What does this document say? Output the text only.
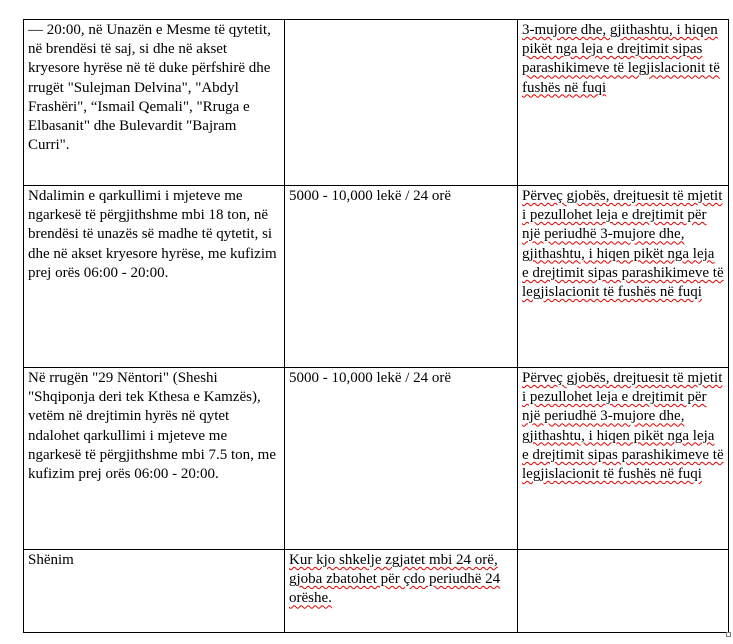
— 20:00, në Unazën e Mesme të qytetit, në brendësi të saj, si dhe në akset kryesore hyrëse në të duke përfshirë dhe rrugët "Sulejman Delvina", "Abdyl Frashëri", “Ismail Qemali", "Rruga e Elbasanit" dhe Bulevardit "Bajram Curri".		3-mujore dhe, gjithashtu, i hiqen pikët nga leja e drejtimit sipas parashikimeve të legjislacionit të fushës në fuqi

Ndalimin e qarkullimi i mjeteve me ngarkesë të përgjithshme mbi 18 ton, në brendësi të unazës së madhe të qytetit, si dhe në akset kryesore hyrëse, me kufizim prej orës 06:00 - 20:00.	5000 - 10,000 lekë / 24 orë	Përveç gjobës, drejtuesit të mjetit i pezullohet leja e drejtimit për një periudhë 3-mujore dhe, gjithashtu, i hiqen pikët nga leja e drejtimit sipas parashikimeve të legjislacionit të fushës në fuqi

Në rrugën "29 Nëntori" (Sheshi "Shqiponja deri tek Kthesa e Kamzës), vetëm në drejtimin hyrës në qytet ndalohet qarkullimi i mjeteve me ngarkesë të përgjithshme mbi 7.5 ton, me kufizim prej orës 06:00 - 20:00.	5000 - 10,000 lekë / 24 orë	Përveç gjobës, drejtuesit të mjetit i pezullohet leja e drejtimit për një periudhë 3-mujore dhe, gjithashtu, i hiqen pikët nga leja e drejtimit sipas parashikimeve të legjislacionit të fushës në fuqi

Shënim	Kur kjo shkelje zgjatet mbi 24 orë, gjoba zbatohet për çdo periudhë 24 orëshe.	
